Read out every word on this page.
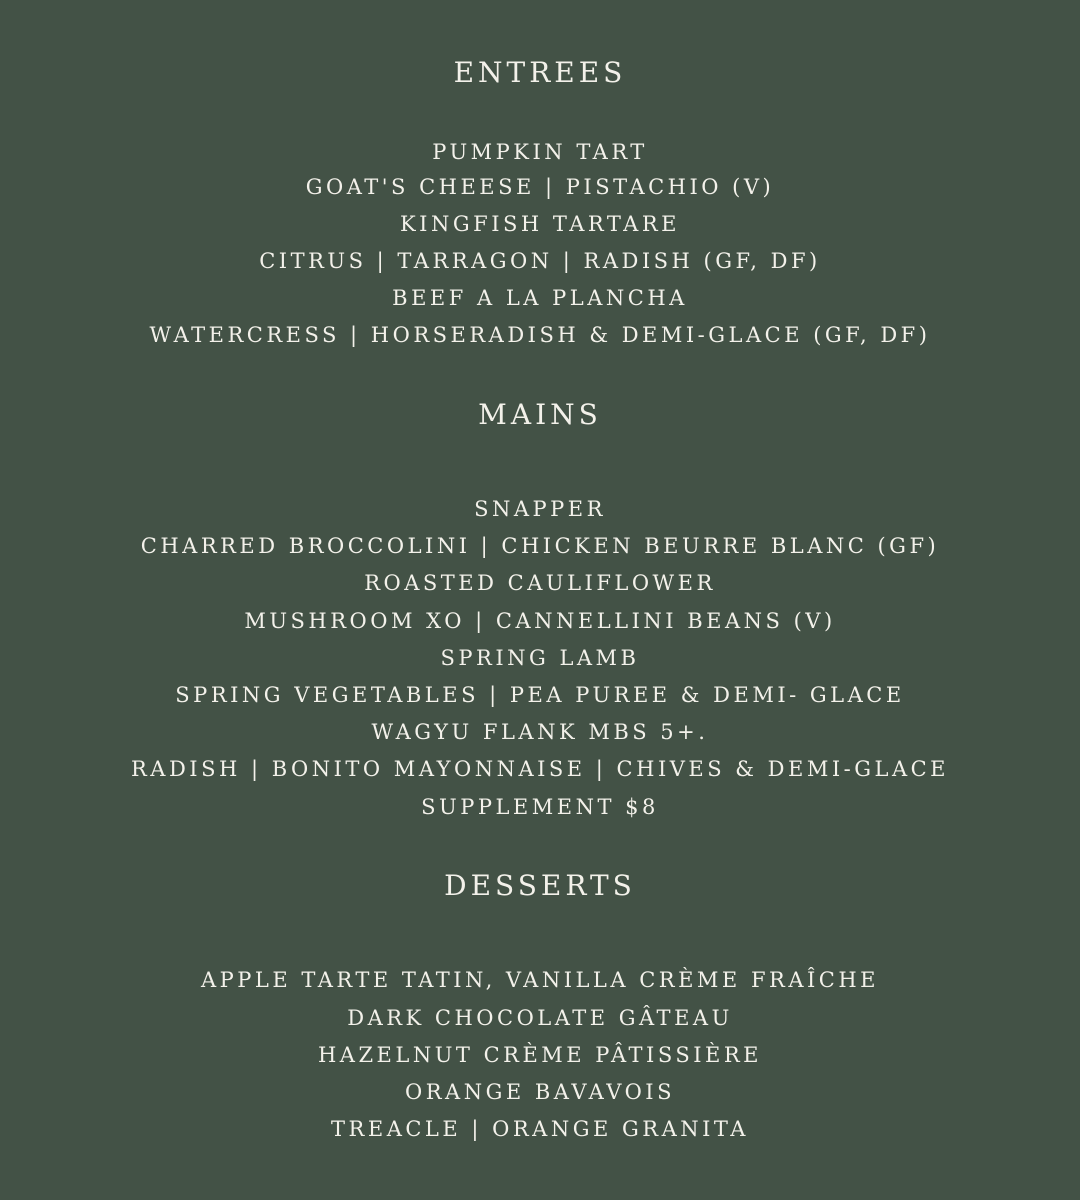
ENTREES
PUMPKIN TART
GOAT'S CHEESE | PISTACHIO (V)
KINGFISH TARTARE
CITRUS | TARRAGON | RADISH (GF, DF)
BEEF A LA PLANCHA
WATERCRESS | HORSERADISH & DEMI-GLACE (GF, DF)
MAINS
SNAPPER
CHARRED BROCCOLINI | CHICKEN BEURRE BLANC (GF)
ROASTED CAULIFLOWER
MUSHROOM XO | CANNELLINI BEANS (V)
SPRING LAMB
SPRING VEGETABLES | PEA PUREE & DEMI- GLACE
WAGYU FLANK MBS 5+.
RADISH | BONITO MAYONNAISE | CHIVES & DEMI-GLACE
SUPPLEMENT $8
DESSERTS
APPLE TARTE TATIN, VANILLA CRÈME FRAÎCHE
DARK CHOCOLATE GÂTEAU
HAZELNUT CRÈME PÂTISSIÈRE
ORANGE BAVAVOIS
TREACLE | ORANGE GRANITA
